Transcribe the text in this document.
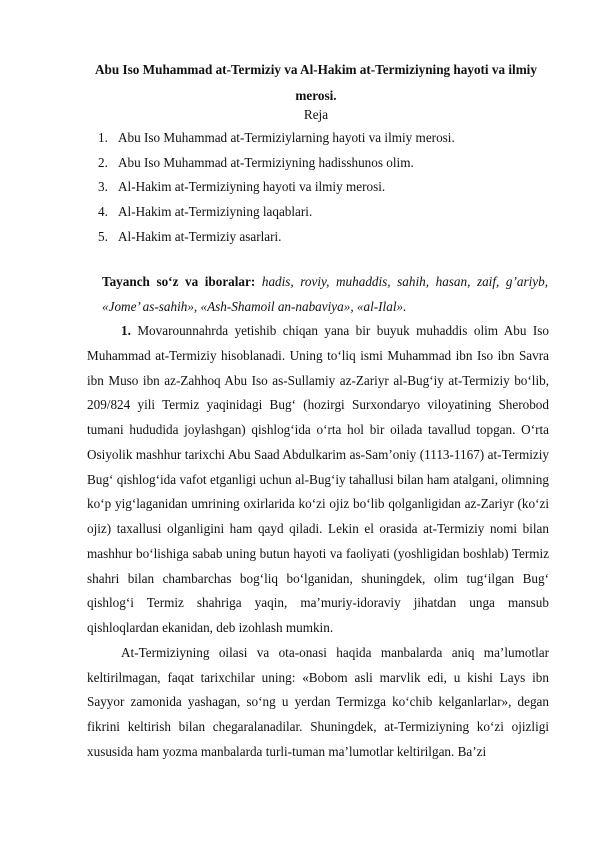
Abu Iso Muhammad at-Termiziy va Al-Hakim at-Termiziyning hayoti va ilmiy merosi.
Reja
1. Abu Iso Muhammad at-Termiziylarning hayoti va ilmiy merosi.
2. Abu Iso Muhammad at-Termiziyning hadisshunos olim.
3. Al-Hakim at-Termiziyning hayoti va ilmiy merosi.
4. Al-Hakim at-Termiziyning laqablari.
5. Al-Hakim at-Termiziy asarlari.
Tayanch so‘z va iboralar: hadis, roviy, muhaddis, sahih, hasan, zaif, g’ariyb, «Jome’ as-sahih», «Ash-Shamoil an-nabaviya», «al-Ilal».

1. Movarounnahrda yetishib chiqan yana bir buyuk muhaddis olim Abu Iso Muhammad at-Termiziy hisoblanadi. Uning to‘liq ismi Muhammad ibn Iso ibn Savra ibn Muso ibn az-Zahhoq Abu Iso as-Sullamiy az-Zariyr al-Bug‘iy at-Termiziy bo‘lib, 209/824 yili Termiz yaqinidagi Bug‘ (hozirgi Surxondaryo viloyatining Sherobod tumani hududida joylashgan) qishlog‘ida o‘rta hol bir oilada tavallud topgan. O‘rta Osiyolik mashhur tarixchi Abu Saad Abdulkarim as-Sam’oniy (1113-1167) at-Termiziy Bug‘ qishlog‘ida vafot etganligi uchun al-Bug‘iy tahallusi bilan ham atalgani, olimning ko‘p yig‘laganidan umrining oxirlarida ko‘zi ojiz bo‘lib qolganligidan az-Zariyr (ko‘zi ojiz) taxallusi olganligini ham qayd qiladi. Lekin el orasida at-Termiziy nomi bilan mashhur bo‘lishiga sabab uning butun hayoti va faoliyati (yoshligidan boshlab) Termiz shahri bilan chambarchas bog‘liq bo‘lganidan, shuningdek, olim tug‘ilgan Bug‘ qishlog‘i Termiz shahriga yaqin, ma’muriy-idoraviy jihatdan unga mansub qishloqlardan ekanidan, deb izohlash mumkin.

At-Termiziyning oilasi va ota-onasi haqida manbalarda aniq ma’lumotlar keltirilmagan, faqat tarixchilar uning: «Bobom asli marvlik edi, u kishi Lays ibn Sayyor zamonida yashagan, so‘ng u yerdan Termizga ko‘chib kelganlarlar», degan fikrini keltirish bilan chegaralanadilar. Shuningdek, at-Termiziyning ko‘zi ojizligi xususida ham yozma manbalarda turli-tuman ma’lumotlar keltirilgan. Ba’zi
